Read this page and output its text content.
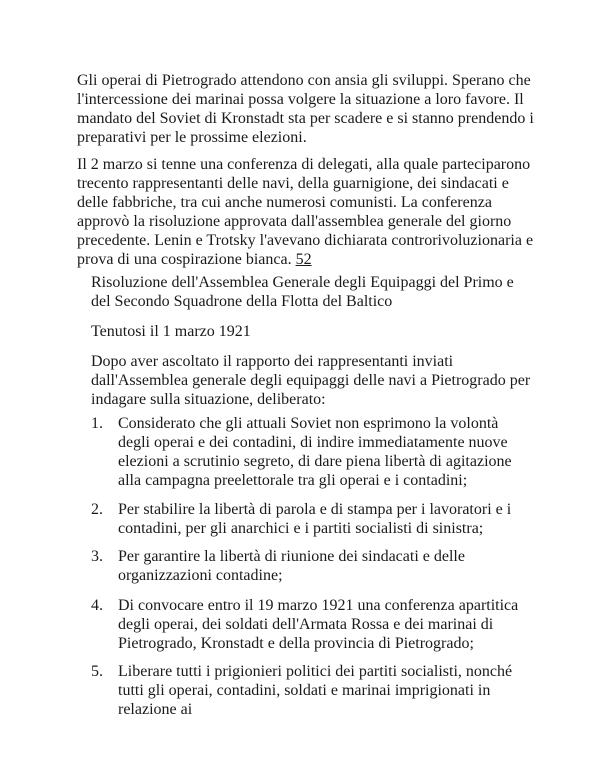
Gli operai di Pietrogrado attendono con ansia gli sviluppi. Sperano che l'intercessione dei marinai possa volgere la situazione a loro favore. Il mandato del Soviet di Kronstadt sta per scadere e si stanno prendendo i preparativi per le prossime elezioni.

Il 2 marzo si tenne una conferenza di delegati, alla quale parteciparono trecento rappresentanti delle navi, della guarnigione, dei sindacati e delle fabbriche, tra cui anche numerosi comunisti. La conferenza approvò la risoluzione approvata dall'assemblea generale del giorno precedente. Lenin e Trotsky l'avevano dichiarata controrivoluzionaria e prova di una cospirazione bianca. 52

Risoluzione dell'Assemblea Generale degli Equipaggi del Primo e del Secondo Squadrone della Flotta del Baltico

Tenutosi il 1 marzo 1921

Dopo aver ascoltato il rapporto dei rappresentanti inviati dall'Assemblea generale degli equipaggi delle navi a Pietrogrado per indagare sulla situazione, deliberato:

1. Considerato che gli attuali Soviet non esprimono la volontà degli operai e dei contadini, di indire immediatamente nuove elezioni a scrutinio segreto, di dare piena libertà di agitazione alla campagna preelettorale tra gli operai e i contadini;

2. Per stabilire la libertà di parola e di stampa per i lavoratori e i contadini, per gli anarchici e i partiti socialisti di sinistra;

3. Per garantire la libertà di riunione dei sindacati e delle organizzazioni contadine;

4. Di convocare entro il 19 marzo 1921 una conferenza apartitica degli operai, dei soldati dell'Armata Rossa e dei marinai di Pietrogrado, Kronstadt e della provincia di Pietrogrado;

5. Liberare tutti i prigionieri politici dei partiti socialisti, nonché tutti gli operai, contadini, soldati e marinai imprigionati in relazione ai
